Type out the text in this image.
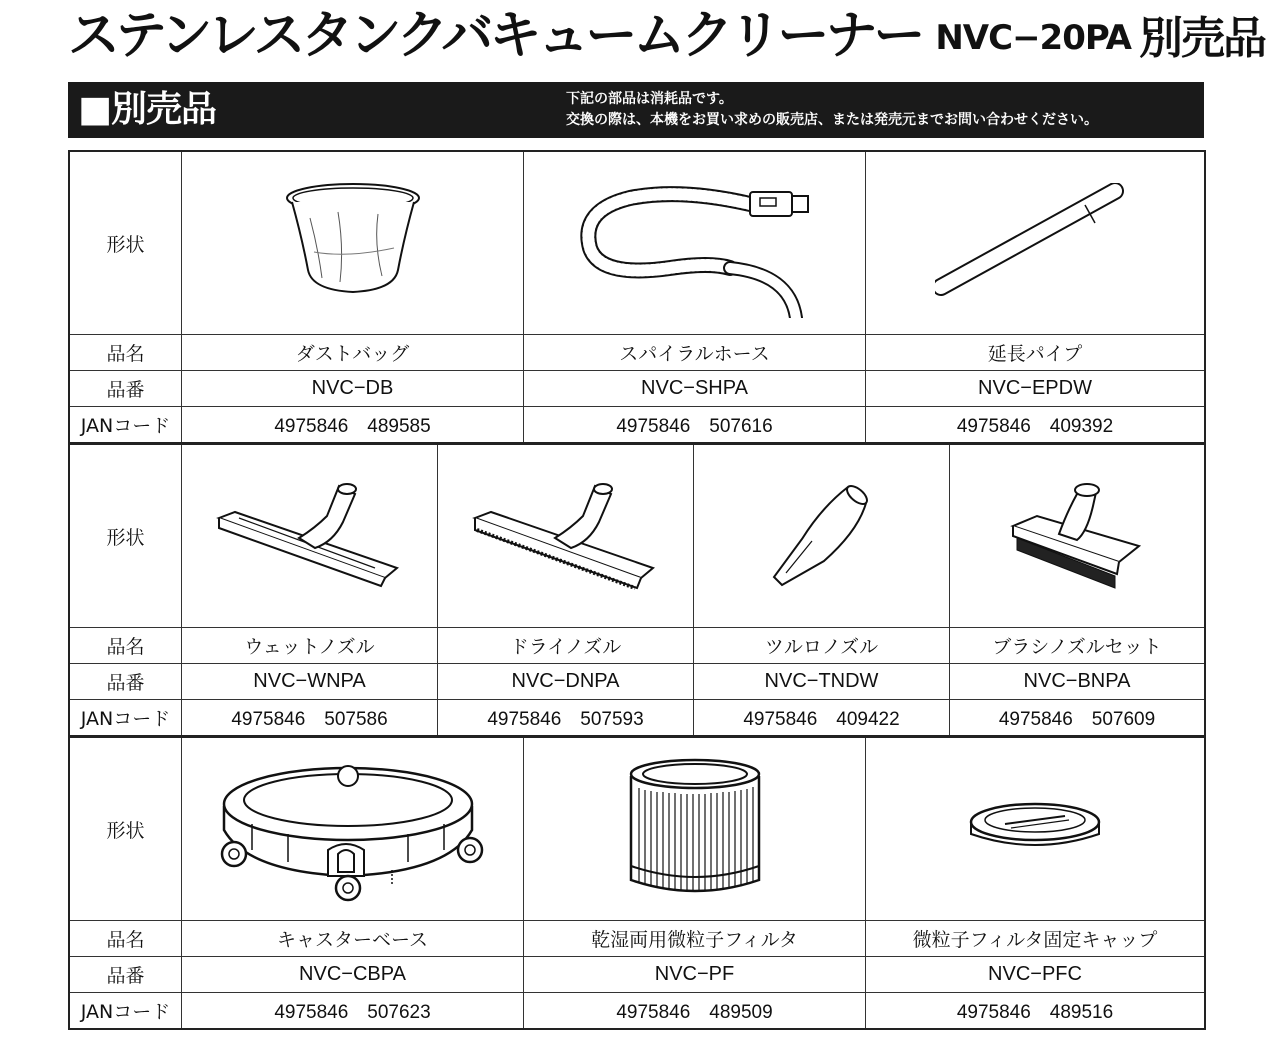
ステンレスタンクバキュームクリーナー NVC−20PA 別売品
■別売品	下記の部品は消耗品です。
交換の際は、本機をお買い求めの販売店、または発売元までお問い合わせください。
形状
品名
品番
JANコード
ダストバッグ
NVC−DB
4975846　489585
スパイラルホース
NVC−SHPA
4975846　507616
延長パイプ
NVC−EPDW
4975846　409392
形状
品名
品番
JANコード
ウェットノズル
NVC−WNPA
4975846　507586
ドライノズル
NVC−DNPA
4975846　507593
ツルロノズル
NVC−TNDW
4975846　409422
ブラシノズルセット
NVC−BNPA
4975846　507609
形状
品名
品番
JANコード
キャスターベース
NVC−CBPA
4975846　507623
乾湿両用微粒子フィルタ
NVC−PF
4975846　489509
微粒子フィルタ固定キャップ
NVC−PFC
4975846　489516
